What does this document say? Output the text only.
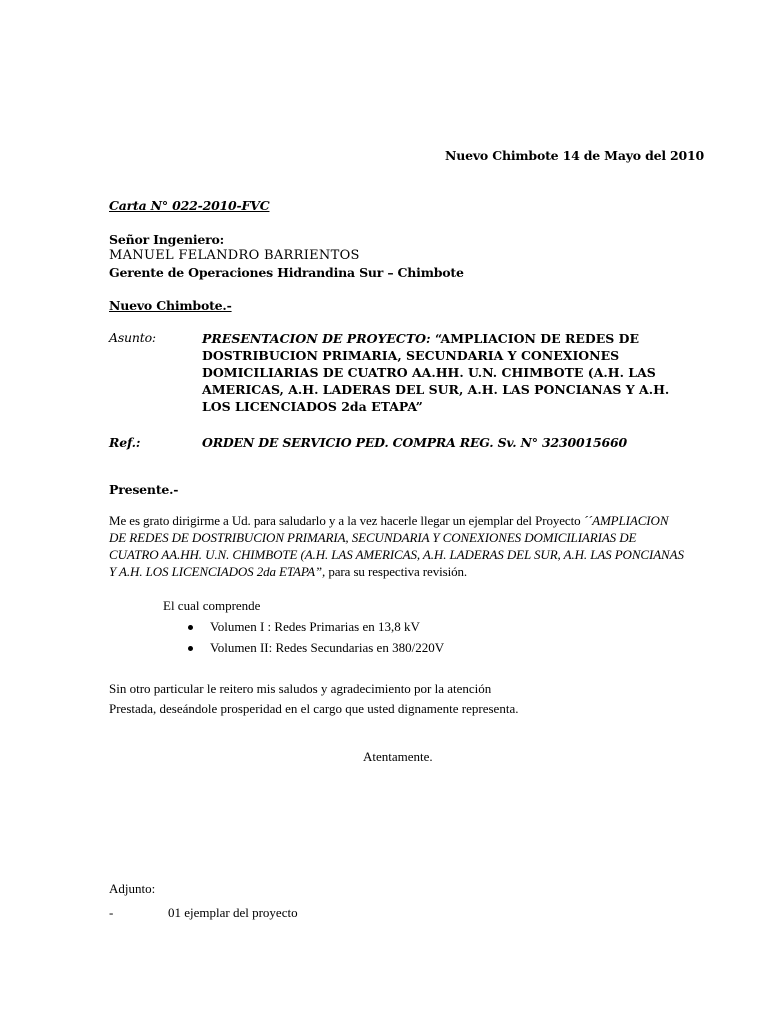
Nuevo Chimbote 14 de Mayo del 2010
Carta N° 022-2010-FVC
Señor Ingeniero:
MANUEL FELANDRO BARRIENTOS
Gerente de Operaciones Hidrandina Sur – Chimbote
Nuevo Chimbote.-
Asunto:	PRESENTACION DE PROYECTO: “AMPLIACION DE REDES DE DOSTRIBUCION PRIMARIA, SECUNDARIA Y CONEXIONES DOMICILIARIAS DE CUATRO AA.HH. U.N. CHIMBOTE (A.H. LAS AMERICAS, A.H. LADERAS DEL SUR, A.H. LAS PONCIANAS Y A.H. LOS LICENCIADOS 2da ETAPA”
Ref.:	ORDEN DE SERVICIO PED. COMPRA REG. Sv. N° 3230015660
Presente.-
Me es grato dirigirme a Ud. para saludarlo y a la vez hacerle llegar un ejemplar del Proyecto ´´AMPLIACION DE REDES DE DOSTRIBUCION PRIMARIA, SECUNDARIA Y CONEXIONES DOMICILIARIAS DE CUATRO AA.HH. U.N. CHIMBOTE (A.H. LAS AMERICAS, A.H. LADERAS DEL SUR, A.H. LAS PONCIANAS Y A.H. LOS LICENCIADOS 2da ETAPA”, para su respectiva revisión.
El cual comprende
Volumen I : Redes Primarias en 13,8 kV
Volumen II: Redes Secundarias en 380/220V
Sin otro particular le reitero mis saludos y agradecimiento por la atención
Prestada, deseándole prosperidad en el cargo que usted dignamente representa.
Atentamente.
Adjunto:
-	01 ejemplar del proyecto
